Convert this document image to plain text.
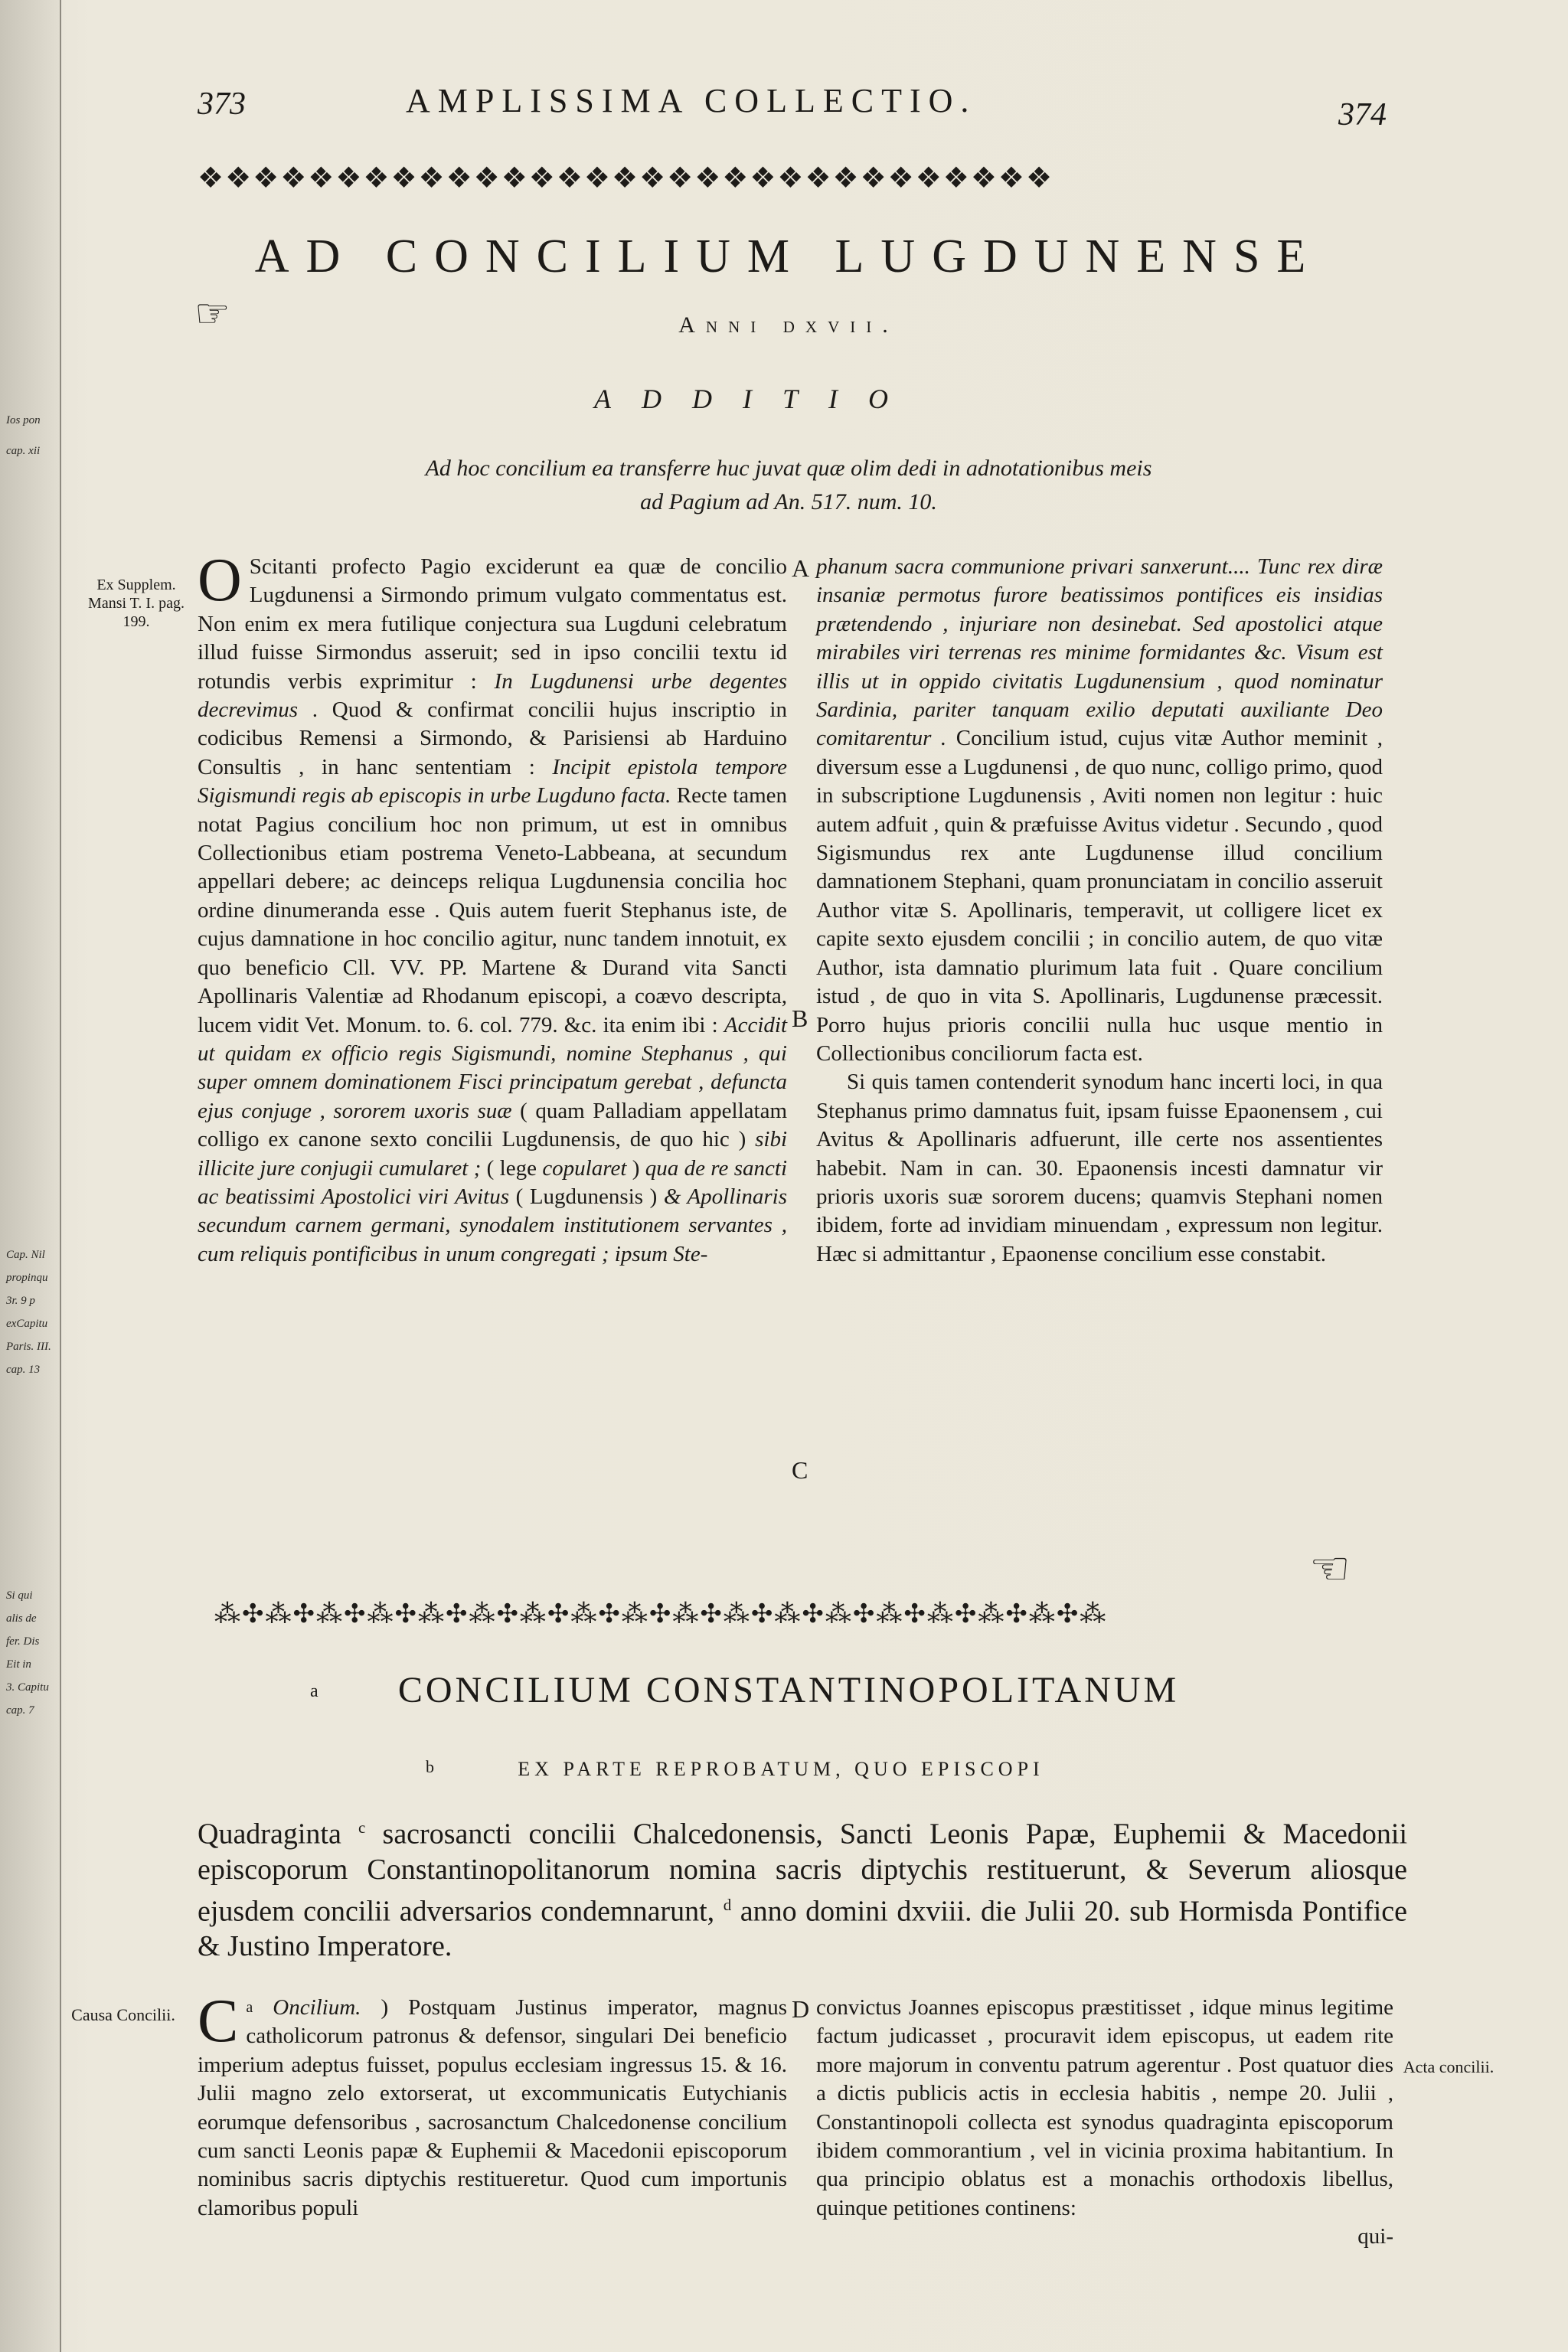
Ios pon
cap. xii
Cap. Nil
propinqu
3r. 9 p
exCapitu
Paris. III.
cap. 13
Si qui
alis de
fer. Dis
Eit in
3. Capitu
cap. 7
373	AMPLISSIMA COLLECTIO.	374
❖❖❖❖❖❖❖❖❖❖❖❖❖❖❖❖❖❖❖❖❖❖❖❖❖❖❖❖❖❖❖
AD CONCILIUM LUGDUNENSE
☞	Anni dxvii.
ADDITIO
Ad hoc concilium ea transferre huc juvat quæ olim dedi in adnotationibus meis
ad Pagium ad An. 517. num. 10.
Ex Supplem. Mansi T. I. pag. 199.

O Scitanti profecto Pagio exciderunt ea quæ de concilio Lugdunensi a Sirmondo primum vulgato commentatus est. Non enim ex mera futilique conjectura sua Lugduni celebratum illud fuisse Sirmondus asseruit; sed in ipso concilii textu id rotundis verbis exprimitur : In Lugdunensi urbe degentes decrevimus . Quod & confirmat concilii hujus inscriptio in codicibus Remensi a Sirmondo, & Parisiensi ab Harduino Consultis , in hanc sententiam : Incipit epistola tempore Sigismundi regis ab episcopis in urbe Lugduno facta. Recte tamen notat Pagius concilium hoc non primum, ut est in omnibus Collectionibus etiam postrema Veneto-Labbeana, at secundum appellari debere; ac deinceps reliqua Lugdunensia concilia hoc ordine dinumeranda esse . Quis autem fuerit Stephanus iste, de cujus damnatione in hoc concilio agitur, nunc tandem innotuit, ex quo beneficio Cll. VV. PP. Martene & Durand vita Sancti Apollinaris Valentiæ ad Rhodanum episcopi, a coævo descripta, lucem vidit Vet. Monum. to. 6. col. 779. &c. ita enim ibi : Accidit ut quidam ex officio regis Sigismundi, nomine Stephanus , qui super omnem dominationem Fisci principatum gerebat , defuncta ejus conjuge , sororem uxoris suæ ( quam Palladiam appellatam colligo ex canone sexto concilii Lugdunensis, de quo hic ) sibi illicite jure conjugii cumularet ; ( lege copularet ) qua de re sancti ac beatissimi Apostolici viri Avitus ( Lugdunensis ) & Apollinaris secundum carnem germani, synodalem institutionem servantes , cum reliquis pontificibus in unum congregati ; ipsum Ste-

A
B
C

phanum sacra communione privari sanxerunt.... Tunc rex diræ insaniæ permotus furore beatissimos pontifices eis insidias prætendendo , injuriare non desinebat. Sed apostolici atque mirabiles viri terrenas res minime formidantes &c. Visum est illis ut in oppido civitatis Lugdunensium , quod nominatur Sardinia, pariter tanquam exilio deputati auxiliante Deo comitarentur . Concilium istud, cujus vitæ Author meminit , diversum esse a Lugdunensi , de quo nunc, colligo primo, quod in subscriptione Lugdunensis , Aviti nomen non legitur : huic autem adfuit , quin & præfuisse Avitus videtur . Secundo , quod Sigismundus rex ante Lugdunense illud concilium damnationem Stephani, quam pronunciatam in concilio asseruit Author vitæ S. Apollinaris, temperavit, ut colligere licet ex capite sexto ejusdem concilii ; in concilio autem, de quo vitæ Author, ista damnatio plurimum lata fuit . Quare concilium istud , de quo in vita S. Apollinaris, Lugdunense præcessit. Porro hujus prioris concilii nulla huc usque mentio in Collectionibus conciliorum facta est.

Si quis tamen contenderit synodum hanc incerti loci, in qua Stephanus primo damnatus fuit, ipsam fuisse Epaonensem , cui Avitus & Apollinaris adfuerunt, ille certe nos assentientes habebit. Nam in can. 30. Epaonensis incesti damnatur vir prioris uxoris suæ sororem ducens; quamvis Stephani nomen ibidem, forte ad invidiam minuendam , expressum non legitur. Hæc si admittantur , Epaonense concilium esse constabit.

☜
⁂✣⁂✣⁂✣⁂✣⁂✣⁂✣⁂✣⁂✣⁂✣⁂✣⁂✣⁂✣⁂✣⁂✣⁂✣⁂✣⁂✣⁂
a	CONCILIUM CONSTANTINOPOLITANUM
b	EX PARTE REPROBATUM, QUO EPISCOPI
Quadraginta $^c$ sacrosancti concilii Chalcedonensis, Sancti Leonis Papæ, Euphemii & Macedonii episcoporum Constantinopolitanorum nomina sacris diptychis restituerunt, & Severum aliosque ejusdem concilii adversarios condemnarunt, $^d$ anno domini dxviii. die Julii 20. sub Hormisda Pontifice & Justino Imperatore.
Causa Concilii.	$^a$
C Oncilium. ) Postquam Justinus imperator, magnus catholicorum patronus & defensor, singulari Dei beneficio imperium adeptus fuisset, populus ecclesiam ingressus 15. & 16. Julii magno zelo extorserat, ut excommunicatis Eutychianis eorumque defensoribus , sacrosanctum Chalcedonense concilium cum sancti Leonis papæ & Euphemii & Macedonii episcoporum nominibus sacris diptychis restitueretur. Quod cum importunis clamoribus populi

D convictus Joannes episcopus præstitisset , idque minus legitime factum judicasset , procuravit idem episcopus, ut eadem rite more majorum in conventu patrum agerentur . Post quatuor dies a dictis publicis actis in ecclesia habitis , nempe 20. Julii , Constantinopoli collecta est synodus quadraginta episcoporum ibidem commorantium , vel in vicinia proxima habitantium. In qua principio oblatus est a monachis orthodoxis libellus, quinque petitiones continens:

qui-

Acta concilii.
